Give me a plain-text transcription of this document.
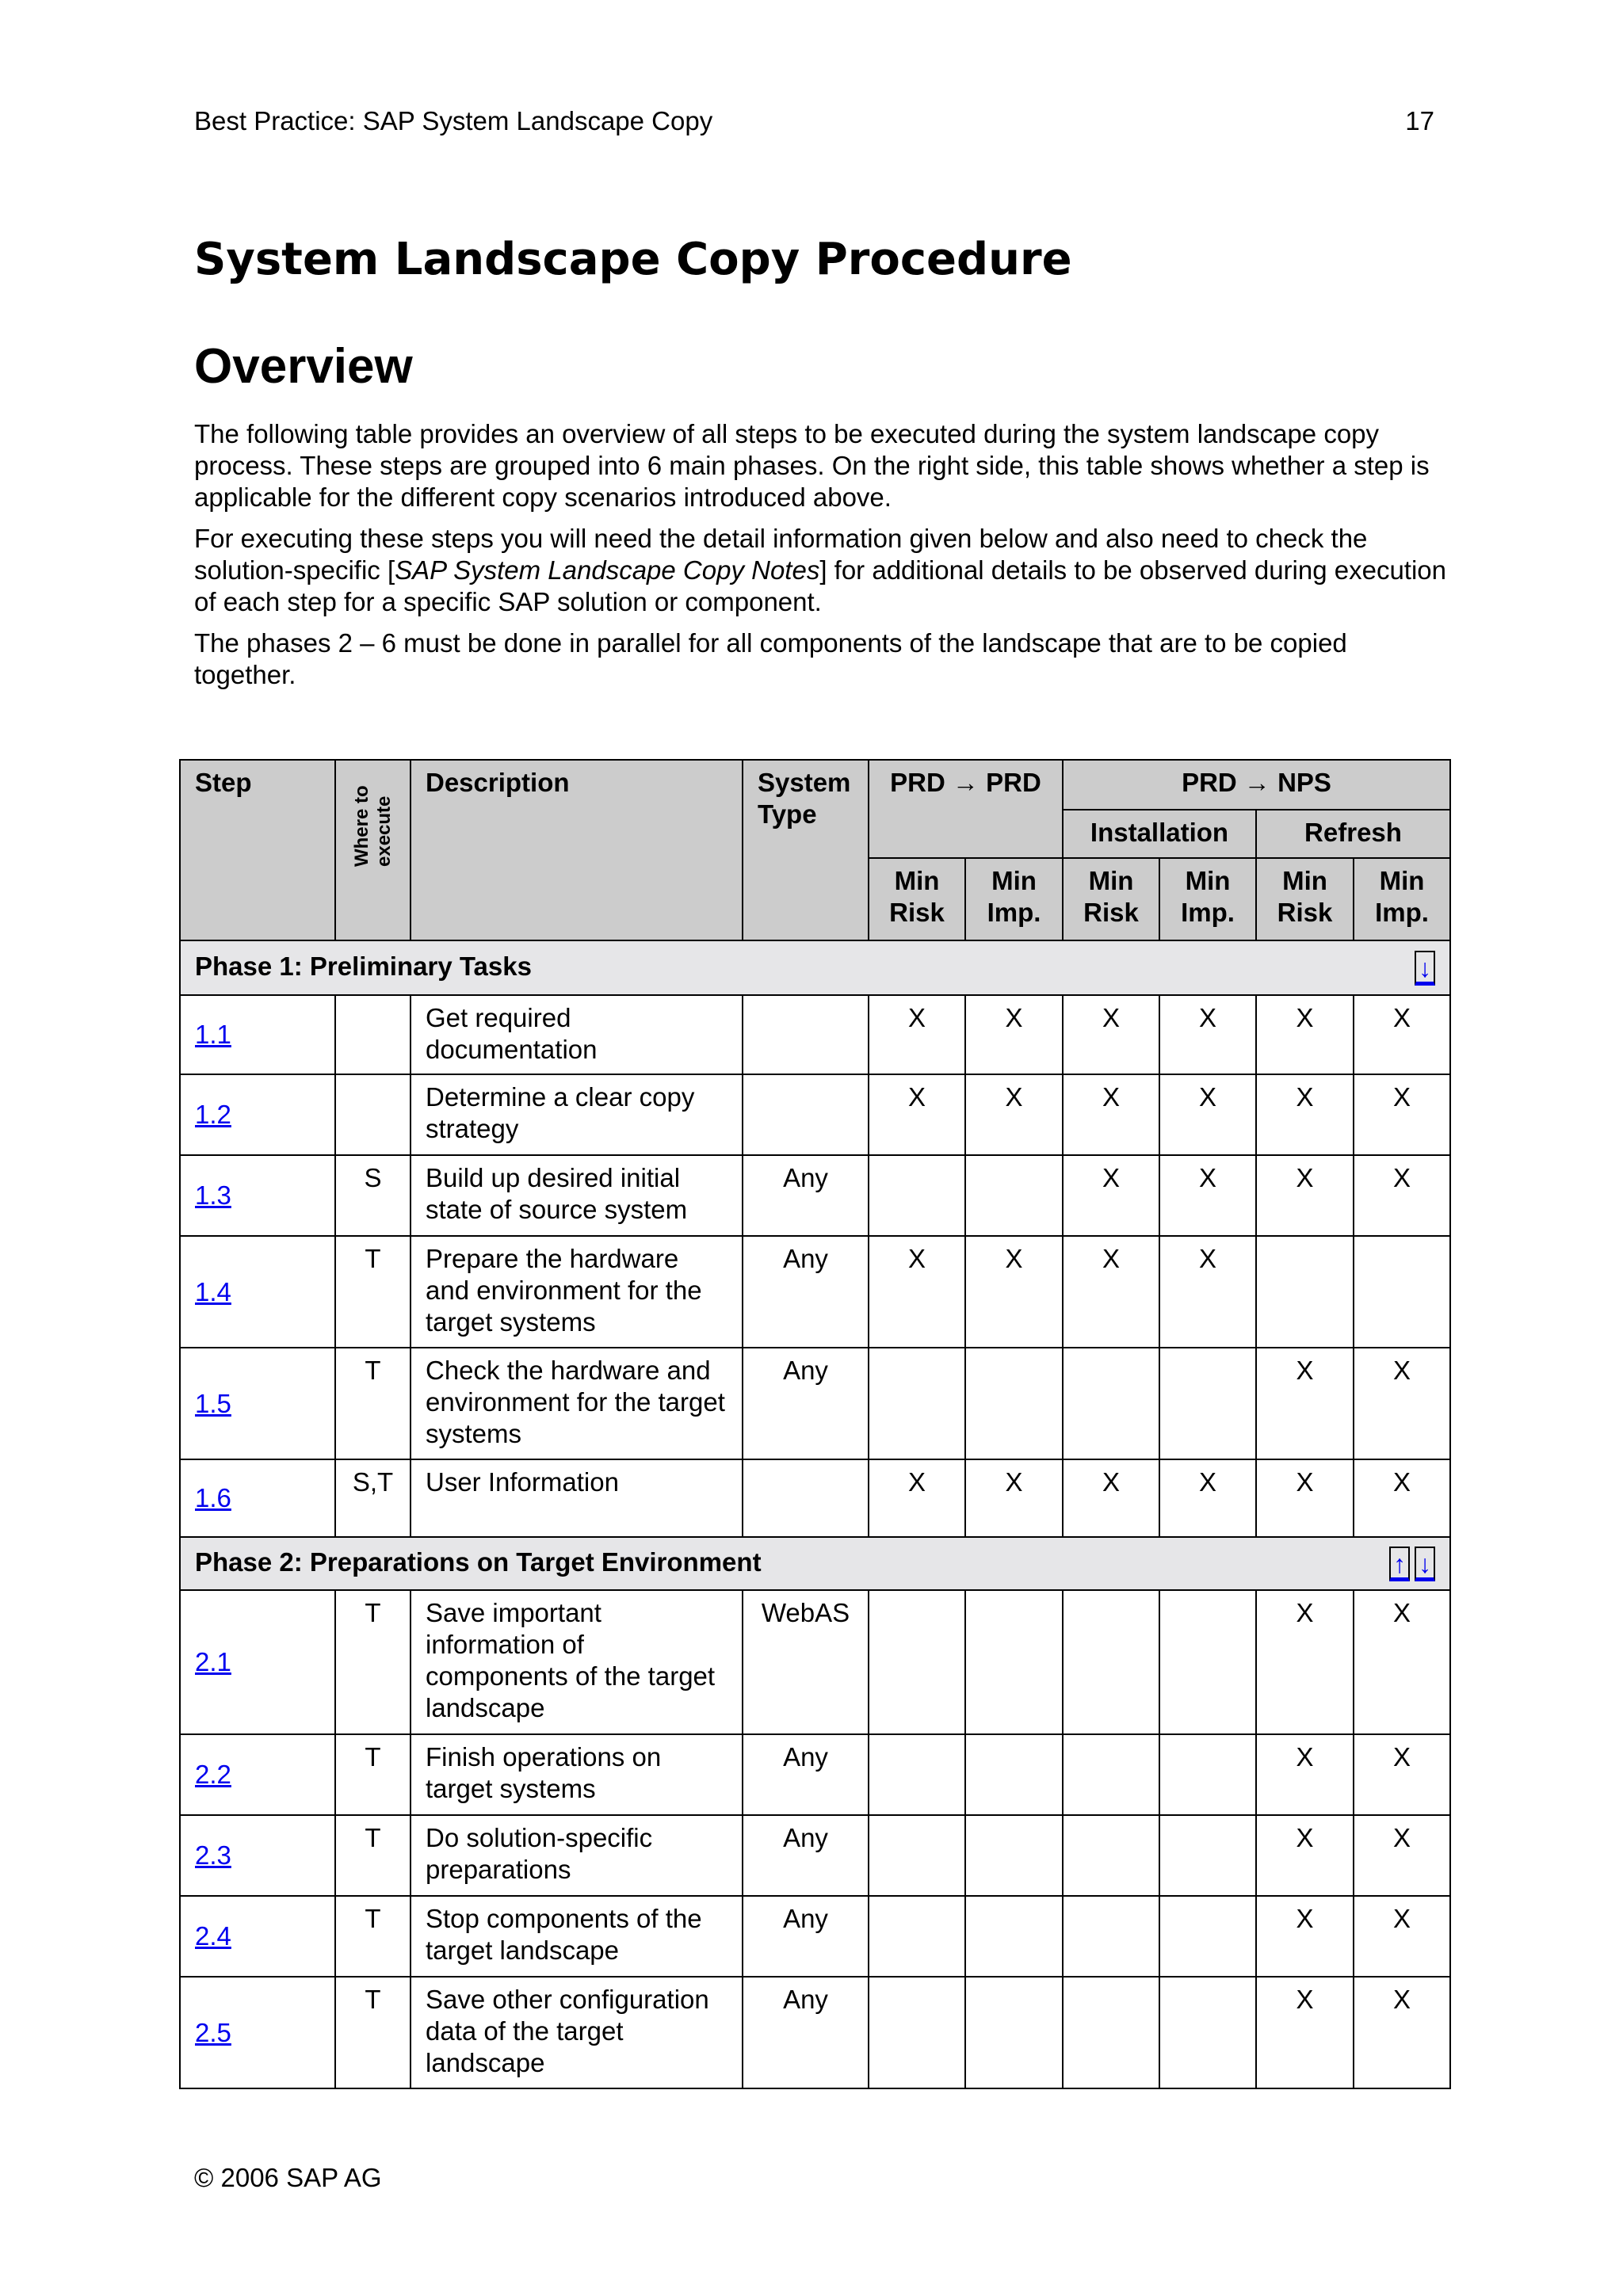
Best Practice: SAP System Landscape Copy	17
System Landscape Copy Procedure
Overview

The following table provides an overview of all steps to be executed during the system landscape copy process. These steps are grouped into 6 main phases. On the right side, this table shows whether a step is applicable for the different copy scenarios introduced above.

For executing these steps you will need the detail information given below and also need to check the solution-specific [SAP System Landscape Copy Notes] for additional details to be observed during execution of each step for a specific SAP solution or component.

The phases 2 – 6 must be done in parallel for all components of the landscape that are to be copied together.

Step	Where to execute	Description	System Type	PRD → PRD		PRD → NPS			
						Installation		Refresh	
				Min Risk	Min Imp.	Min Risk	Min Imp.	Min Risk	Min Imp.

↓
Phase 1: Preliminary Tasks									
1.1		Get required documentation		X	X	X	X	X	X
1.2		Determine a clear copy strategy		X	X	X	X	X	X
1.3	S	Build up desired initial state of source system	Any			X	X	X	X
1.4	T	Prepare the hardware and environment for the target systems	Any	X	X	X	X		
1.5	T	Check the hardware and environment for the target systems	Any					X	X
1.6	S,T	User Information		X	X	X	X	X	X

↑ ↓
Phase 2: Preparations on Target Environment									
2.1	T	Save important information of components of the target landscape	WebAS					X	X
2.2	T	Finish operations on target systems	Any					X	X
2.3	T	Do solution-specific preparations	Any					X	X
2.4	T	Stop components of the target landscape	Any					X	X
2.5	T	Save other configuration data of the target landscape	Any					X	X
© 2006 SAP AG
